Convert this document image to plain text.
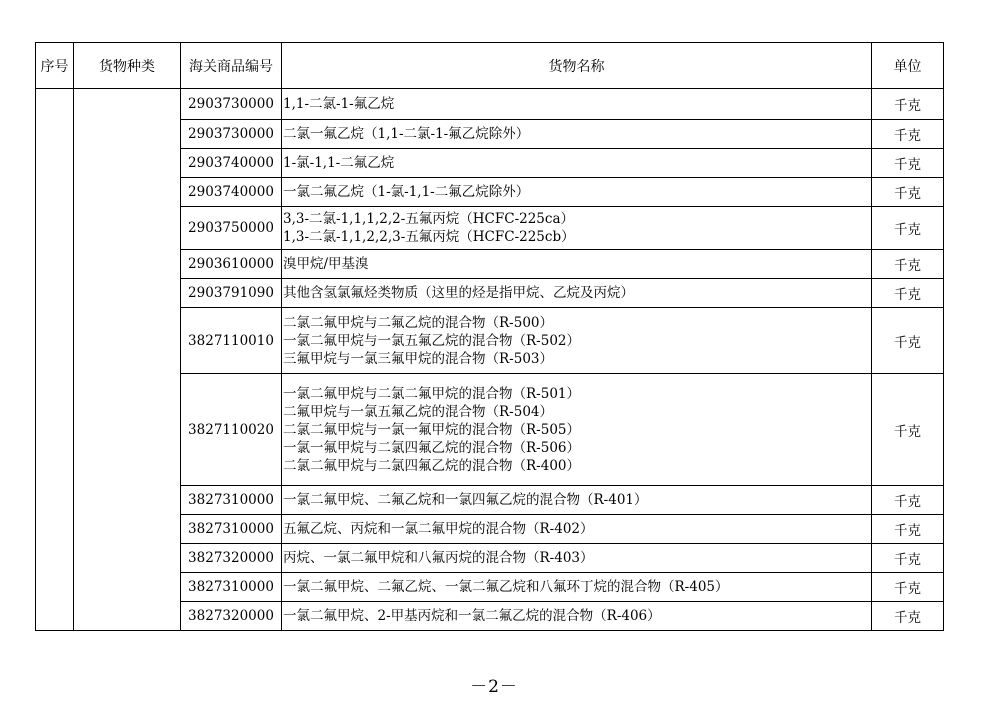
序号	货物种类	海关商品编号	货物名称	单位
		2903730000	1,1-二氯-1-氟乙烷	千克
		2903730000	二氯一氟乙烷（1,1-二氯-1-氟乙烷除外）	千克
		2903740000	1-氯-1,1-二氟乙烷	千克
		2903740000	一氯二氟乙烷（1-氯-1,1-二氟乙烷除外）	千克
		2903750000	3,3-二氯-1,1,1,2,2-五氟丙烷（HCFC-225ca）
1,3-二氯-1,1,2,2,3-五氟丙烷（HCFC-225cb）	千克
		2903610000	溴甲烷/甲基溴	千克
		2903791090	其他含氢氯氟烃类物质（这里的烃是指甲烷、乙烷及丙烷）	千克
		3827110010	二氯二氟甲烷与二氟乙烷的混合物（R-500）
一氯二氟甲烷与一氯五氟乙烷的混合物（R-502）
三氟甲烷与一氯三氟甲烷的混合物（R-503）	千克
		3827110020	一氯二氟甲烷与二氯二氟甲烷的混合物（R-501）
二氟甲烷与一氯五氟乙烷的混合物（R-504）
二氯二氟甲烷与一氯一氟甲烷的混合物（R-505）
一氯一氟甲烷与二氯四氟乙烷的混合物（R-506）
二氯二氟甲烷与二氯四氟乙烷的混合物（R-400）	千克
		3827310000	一氯二氟甲烷、二氟乙烷和一氯四氟乙烷的混合物（R-401）	千克
		3827310000	五氟乙烷、丙烷和一氯二氟甲烷的混合物（R-402）	千克
		3827320000	丙烷、一氯二氟甲烷和八氟丙烷的混合物（R-403）	千克
		3827310000	一氯二氟甲烷、二氟乙烷、一氯二氟乙烷和八氟环丁烷的混合物（R-405）	千克
		3827320000	一氯二氟甲烷、2-甲基丙烷和一氯二氟乙烷的混合物（R-406）	千克
－2－
